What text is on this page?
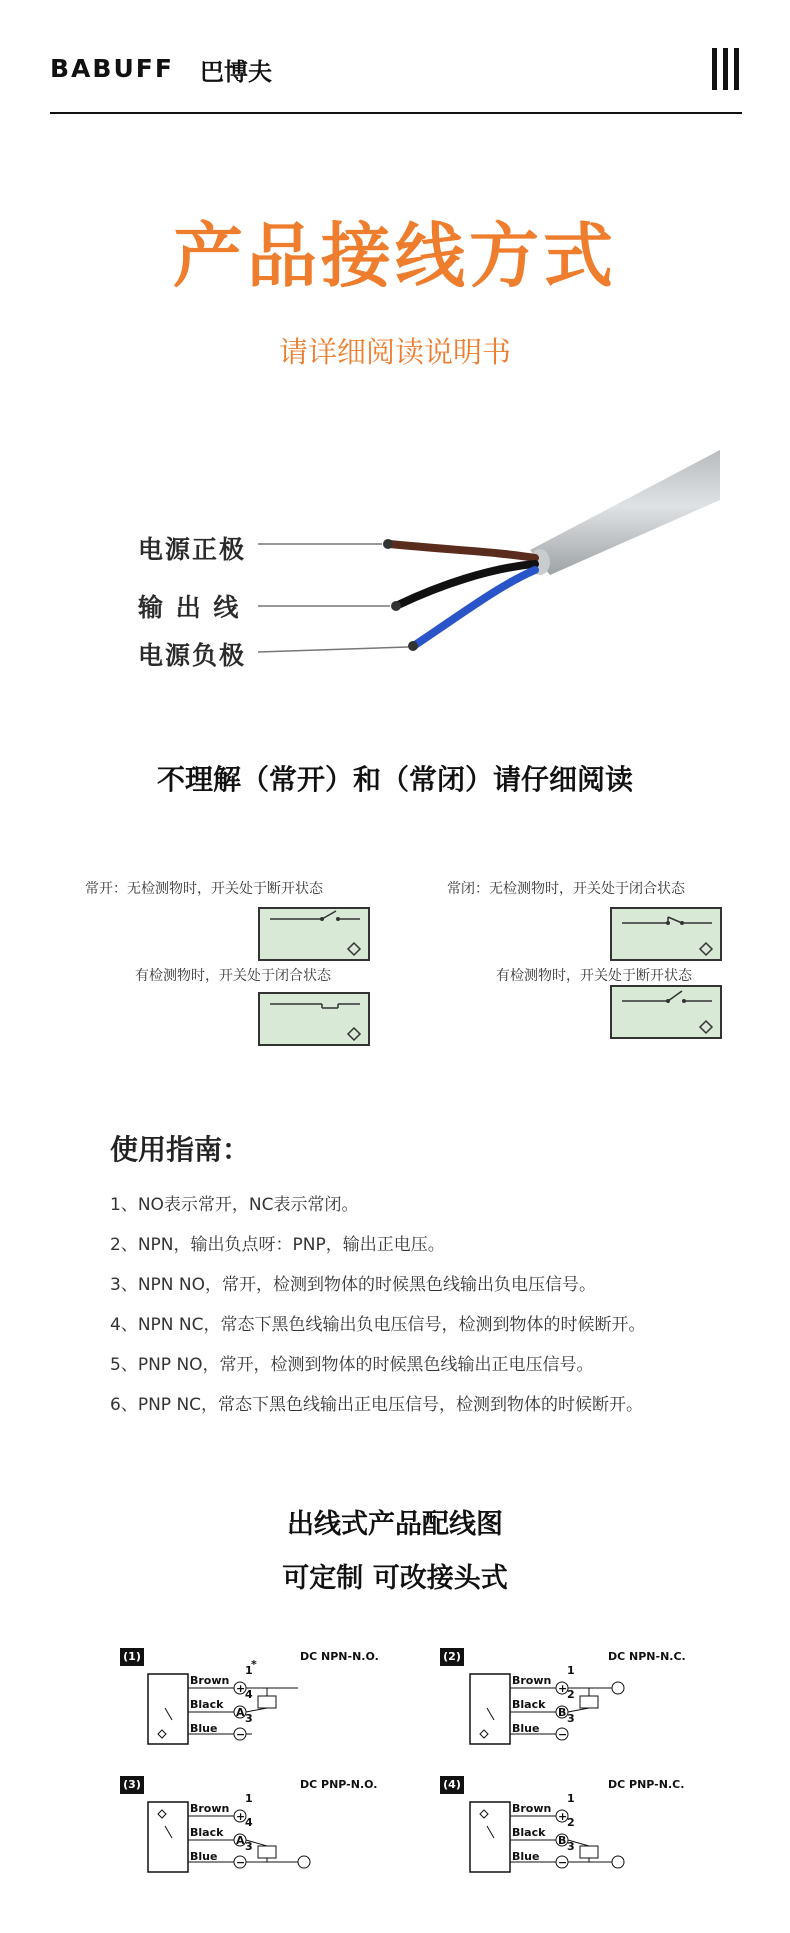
BABUFF 巴博夫
产品接线方式
请详细阅读说明书
电源正极
输 出 线
电源负极
不理解（常开）和（常闭）请仔细阅读
常开：无检测物时，开关处于断开状态
有检测物时，开关处于闭合状态
常闭：无检测物时，开关处于闭合状态
有检测物时，开关处于断开状态
使用指南：
1、NO表示常开，NC表示常闭。
2、NPN，输出负点呀：PNP，输出正电压。
3、NPN NO，常开，检测到物体的时候黑色线输出负电压信号。
4、NPN NC，常态下黑色线输出负电压信号，检测到物体的时候断开。
5、PNP NO，常开，检测到物体的时候黑色线输出正电压信号。
6、PNP NC，常态下黑色线输出正电压信号，检测到物体的时候断开。
出线式产品配线图
可定制 可改接头式
(1)	DC NPN-N.O.
Brown
Black
Blue
1
4
3
+
A
−
*
(2)	DC NPN-N.C.
Brown
Black
Blue
1
2
3
+
B
−
(3)	DC PNP-N.O.
Brown
Black
Blue
1
4
3
+
A
−
(4)	DC PNP-N.C.
Brown
Black
Blue
1
2
3
+
B
−
